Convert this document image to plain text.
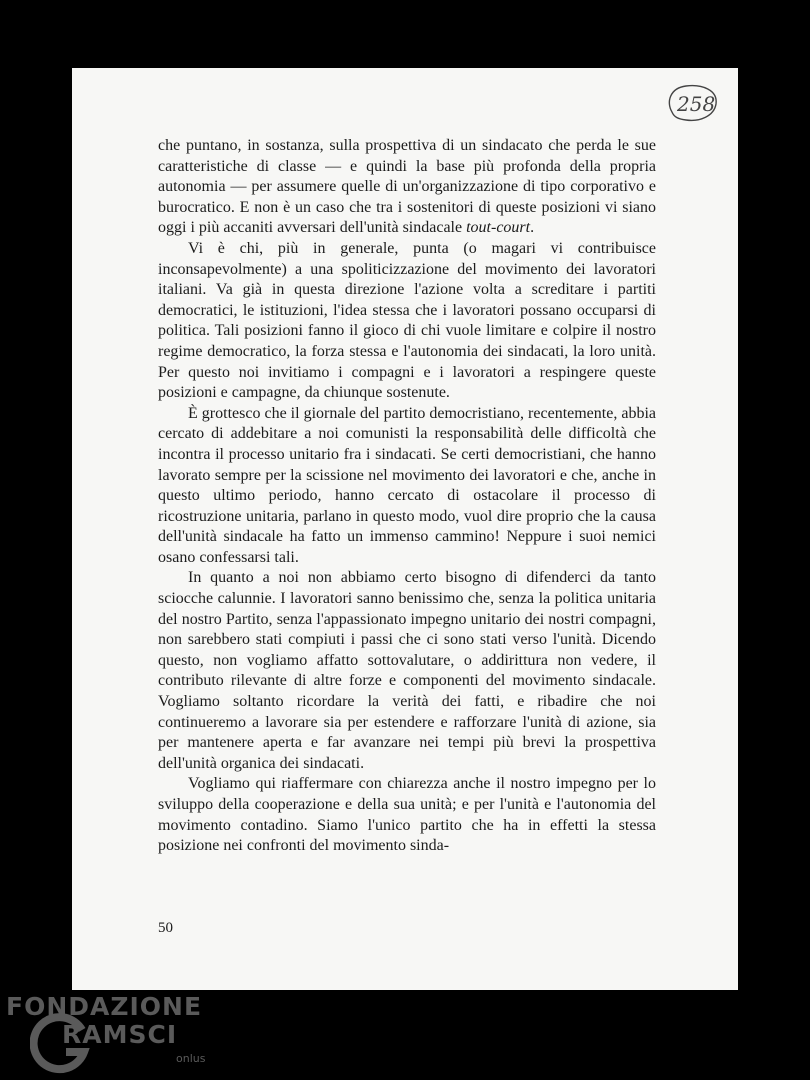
258

che puntano, in sostanza, sulla prospettiva di un sindacato che perda le sue caratteristiche di classe — e quindi la base più profonda della propria autonomia — per assumere quelle di un'organizzazione di tipo corporativo e burocratico. E non è un caso che tra i sostenitori di queste posizioni vi siano oggi i più accaniti avversari dell'unità sindacale tout-court.

Vi è chi, più in generale, punta (o magari vi contribuisce inconsapevolmente) a una spoliticizzazione del movimento dei lavoratori italiani. Va già in questa direzione l'azione volta a screditare i partiti democratici, le istituzioni, l'idea stessa che i lavoratori possano occuparsi di politica. Tali posizioni fanno il gioco di chi vuole limitare e colpire il nostro regime democratico, la forza stessa e l'autonomia dei sindacati, la loro unità. Per questo noi invitiamo i compagni e i lavoratori a respingere queste posizioni e campagne, da chiunque sostenute.

È grottesco che il giornale del partito democristiano, recentemente, abbia cercato di addebitare a noi comunisti la responsabilità delle difficoltà che incontra il processo unitario fra i sindacati. Se certi democristiani, che hanno lavorato sempre per la scissione nel movimento dei lavoratori e che, anche in questo ultimo periodo, hanno cercato di ostacolare il processo di ricostruzione unitaria, parlano in questo modo, vuol dire proprio che la causa dell'unità sindacale ha fatto un immenso cammino! Neppure i suoi nemici osano confessarsi tali.

In quanto a noi non abbiamo certo bisogno di difenderci da tanto sciocche calunnie. I lavoratori sanno benissimo che, senza la politica unitaria del nostro Partito, senza l'appassionato impegno unitario dei nostri compagni, non sarebbero stati compiuti i passi che ci sono stati verso l'unità. Dicendo questo, non vogliamo affatto sottovalutare, o addirittura non vedere, il contributo rilevante di altre forze e componenti del movimento sindacale. Vogliamo soltanto ricordare la verità dei fatti, e ribadire che noi continueremo a lavorare sia per estendere e rafforzare l'unità di azione, sia per mantenere aperta e far avanzare nei tempi più brevi la prospettiva dell'unità organica dei sindacati.

Vogliamo qui riaffermare con chiarezza anche il nostro impegno per lo sviluppo della cooperazione e della sua unità; e per l'unità e l'autonomia del movimento contadino. Siamo l'unico partito che ha in effetti la stessa posizione nei confronti del movimento sinda-

50
FONDAZIONE
RAMSCI
onlus
